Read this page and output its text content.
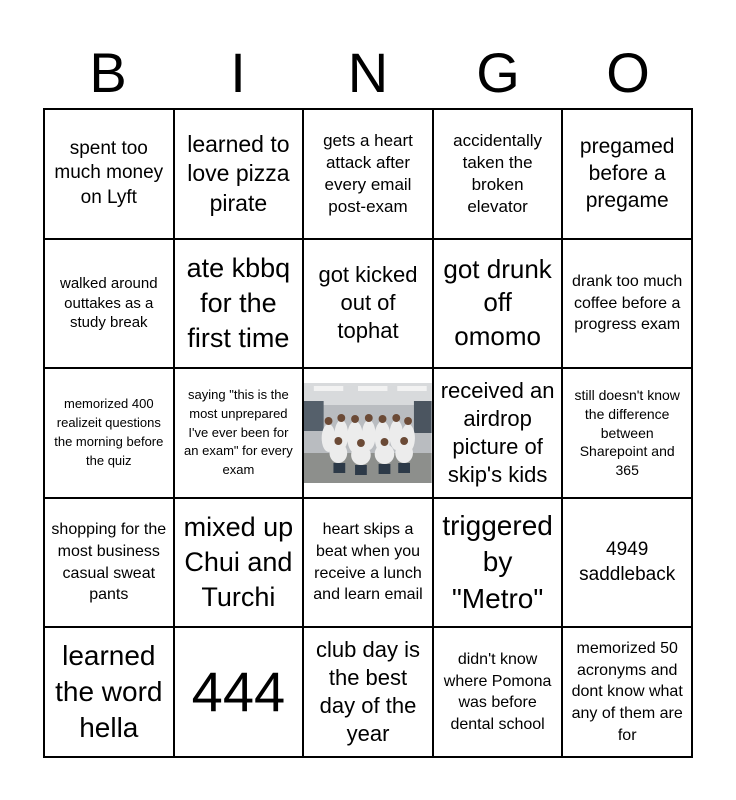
B	I	N	G	O
spent too much money on Lyft
learned to love pizza pirate
gets a heart attack after every email post-exam
accidentally taken the broken elevator
pregamed before a pregame
walked around outtakes as a study break
ate kbbq for the first time
got kicked out of tophat
got drunk off omomo
drank too much coffee before a progress exam
memorized 400 realizeit questions the morning before the quiz
saying "this is the most unprepared I've ever been for an exam" for every exam
received an airdrop picture of skip's kids
still doesn't know the difference between Sharepoint and 365
shopping for the most business casual sweat pants
mixed up Chui and Turchi
heart skips a beat when you receive a lunch and learn email
triggered by "Metro"
4949 saddleback
learned the word hella
444
club day is the best day of the year
didn't know where Pomona was before dental school
memorized 50 acronyms and dont know what any of them are for
